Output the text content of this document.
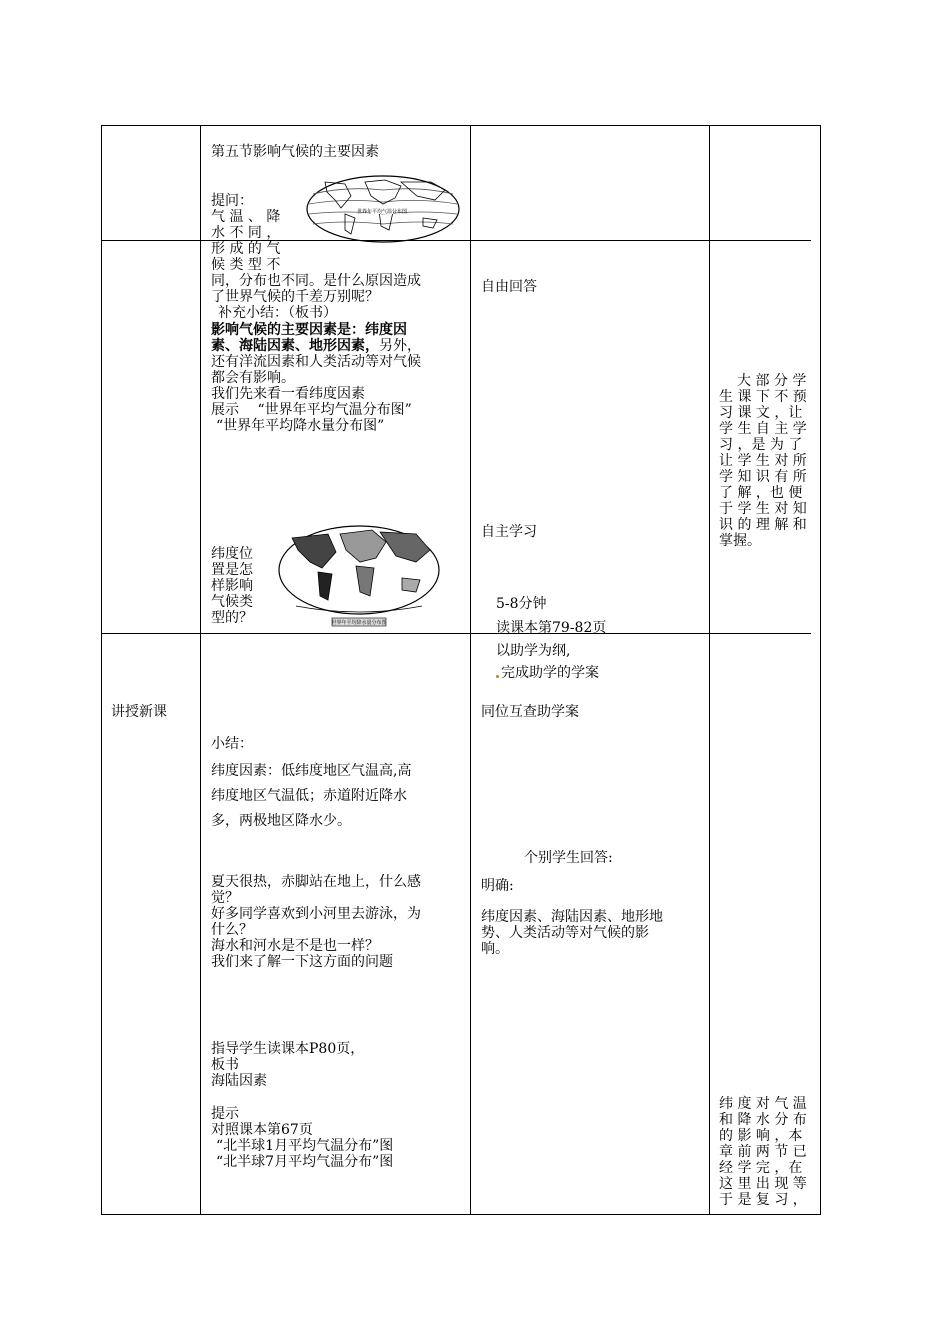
讲授新课
第五节影响气候的主要因素
世界年平均气温分布图
提问：
气 温 、 降
水 不 同 ，
形 成 的 气
候 类 型 不
同，分布也不同。是什么原因造成
了世界气候的千差万别呢？
补充小结：（板书）
影响气候的主要因素是：纬度因
素、海陆因素、地形因素，另外，
还有洋流因素和人类活动等对气候
都会有影响。
我们先来看一看纬度因素
展示　 “世界年平均气温分布图”
“世界年平均降水量分布图”
世界年平均降水量分布图
纬度位
置是怎
样影响
气候类
型的？
小结：
纬度因素：低纬度地区气温高,高
纬度地区气温低；赤道附近降水
多，两极地区降水少。
夏天很热，赤脚站在地上，什么感
觉？
好多同学喜欢到小河里去游泳，为
什么？
海水和河水是不是也一样？
我们来了解一下这方面的问题
指导学生读课本P80页，
板书
海陆因素
提示
对照课本第67页
“北半球1月平均气温分布”图
“北半球7月平均气温分布”图
自由回答
自主学习
5-8分钟
读课本第79-82页
以助学为纲,
完成助学的学案
同位互查助学案
个别学生回答:
明确:
纬度因素、海陆因素、地形地
势、人类活动等对气候的影
响。
大 部 分 学
生 课 下 不 预
习 课 文 ，让
学 生 自 主 学
习 ，是 为 了
让 学 生 对 所
学 知 识 有 所
了 解 ，也 便
于 学 生 对 知
识 的 理 解 和
掌握。
纬 度 对 气 温
和 降 水 分 布
的 影 响 ，本
章 前 两 节 已
经 学 完 ，在
这 里 出 现 等
于 是 复 习 ，
